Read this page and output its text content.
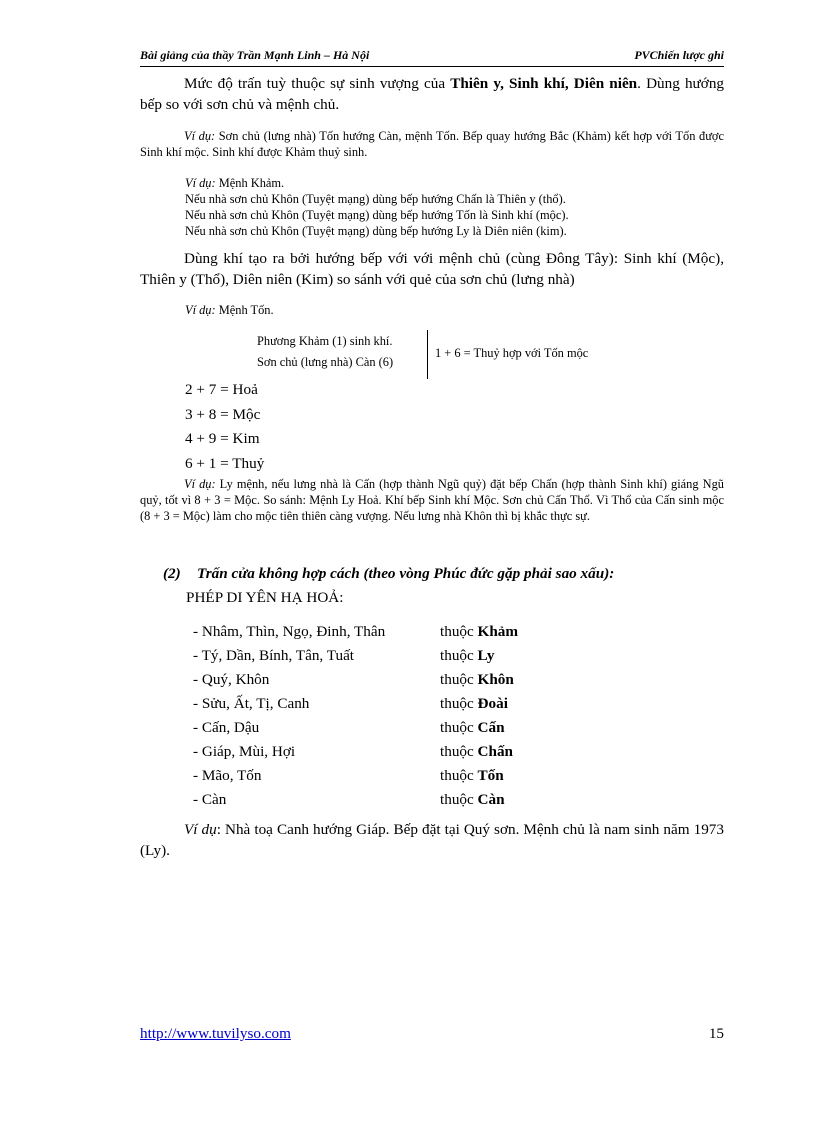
Bài giảng của thầy Trần Mạnh Linh – Hà Nội	PVChiến lược ghi
Mức độ trấn tuỳ thuộc sự sinh vượng của Thiên y, Sinh khí, Diên niên. Dùng hướng bếp so với sơn chủ và mệnh chủ.
Ví dụ: Sơn chủ (lưng nhà) Tốn hướng Càn, mệnh Tốn. Bếp quay hướng Bắc (Khảm) kết hợp với Tốn được Sinh khí mộc. Sinh khí được Khảm thuỷ sinh.
Ví dụ: Mệnh Khảm.
Nếu nhà sơn chủ Khôn (Tuyệt mạng) dùng bếp hướng Chấn là Thiên y (thổ).
Nếu nhà sơn chủ Khôn (Tuyệt mạng) dùng bếp hướng Tốn là Sinh khí (mộc).
Nếu nhà sơn chủ Khôn (Tuyệt mạng) dùng bếp hướng Ly là Diên niên (kim).
Dùng khí tạo ra bởi hướng bếp với với mệnh chủ (cùng Đông Tây): Sinh khí (Mộc), Thiên y (Thổ), Diên niên (Kim) so sánh với quẻ của sơn chủ (lưng nhà)
Ví dụ: Mệnh Tốn.
Phương Khảm (1) sinh khí.
Sơn chủ (lưng nhà) Càn (6)
1 + 6 = Thuỷ hợp với Tốn mộc
2 + 7 = Hoả
3 + 8 = Mộc
4 + 9 = Kim
6 + 1 = Thuỷ
Ví dụ: Ly mệnh, nếu lưng nhà là Cấn (hợp thành Ngũ quỷ) đặt bếp Chấn (hợp thành Sinh khí) giáng Ngũ quỷ, tốt vì 8 + 3 = Mộc. So sánh: Mệnh Ly Hoả. Khí bếp Sinh khí Mộc. Sơn chủ Cấn Thổ. Vì Thổ của Cấn sinh mộc (8 + 3 = Mộc) làm cho mộc tiên thiên càng vượng. Nếu lưng nhà Khôn thì bị khắc thực sự.
(2) Trấn cửa không hợp cách (theo vòng Phúc đức gặp phải sao xấu):
PHÉP DI YÊN HẠ HOẢ:
- Nhâm, Thìn, Ngọ, Đinh, Thân	thuộc Khảm
- Tý, Dần, Bính, Tân, Tuất	thuộc Ly
- Quý, Khôn	thuộc Khôn
- Sửu, Ất, Tị, Canh	thuộc Đoài
- Cấn, Dậu	thuộc Cấn
- Giáp, Mùi, Hợi	thuộc Chấn
- Mão, Tốn	thuộc Tốn
- Càn	thuộc Càn
Ví dụ: Nhà toạ Canh hướng Giáp. Bếp đặt tại Quý sơn. Mệnh chủ là nam sinh năm 1973 (Ly).
http://www.tuvilyso.com	15
